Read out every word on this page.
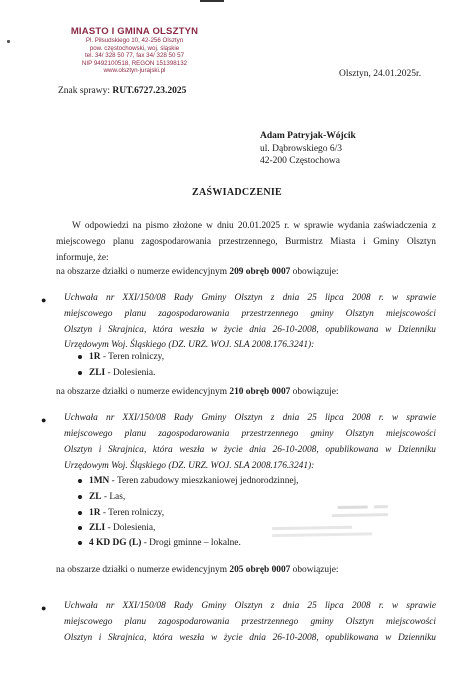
MIASTO I GMINA OLSZTYN
Pl. Piłsudskiego 10, 42-256 Olsztyn
pow. częstochowski, woj. śląskie
tel. 34/ 328 50 77, fax 34/ 328 50 57
NIP 9492100518, REGON 151398132
www.olsztyn-jurajski.pl	Olsztyn, 24.01.2025r.
Znak sprawy: RUT.6727.23.2025
Adam Patryjak-Wójcik
ul. Dąbrowskiego 6/3
42-200 Częstochowa
ZAŚWIADCZENIE
W odpowiedzi na pismo złożone w dniu 20.01.2025 r. w sprawie wydania zaświadczenia z
miejscowego planu zagospodarowania przestrzennego, Burmistrz Miasta i Gminy Olsztyn
informuje, że:
na obszarze działki o numerze ewidencyjnym 209 obręb 0007 obowiązuje:
● Uchwała nr XXI/150/08 Rady Gminy Olsztyn z dnia 25 lipca 2008 r. w sprawie
miejscowego planu zagospodarowania przestrzennego gminy Olsztyn miejscowości
Olsztyn i Skrajnica, która weszła w życie dnia 26-10-2008, opublikowana w Dzienniku
Urzędowym Woj. Śląskiego (DZ. URZ. WOJ. SLA 2008.176.3241):
1R - Teren rolniczy,
ZLI - Dolesienia.
na obszarze działki o numerze ewidencyjnym 210 obręb 0007 obowiązuje:
● Uchwała nr XXI/150/08 Rady Gminy Olsztyn z dnia 25 lipca 2008 r. w sprawie
miejscowego planu zagospodarowania przestrzennego gminy Olsztyn miejscowości
Olsztyn i Skrajnica, która weszła w życie dnia 26-10-2008, opublikowana w Dzienniku
Urzędowym Woj. Śląskiego (DZ. URZ. WOJ. SLA 2008.176.3241):
1MN - Teren zabudowy mieszkaniowej jednorodzinnej,
ZL - Las,
1R - Teren rolniczy,
ZLI - Dolesienia,
4 KD DG (L) - Drogi gminne – lokalne.
na obszarze działki o numerze ewidencyjnym 205 obręb 0007 obowiązuje:
● Uchwała nr XXI/150/08 Rady Gminy Olsztyn z dnia 25 lipca 2008 r. w sprawie
miejscowego planu zagospodarowania przestrzennego gminy Olsztyn miejscowości
Olsztyn i Skrajnica, która weszła w życie dnia 26-10-2008, opublikowana w Dzienniku
